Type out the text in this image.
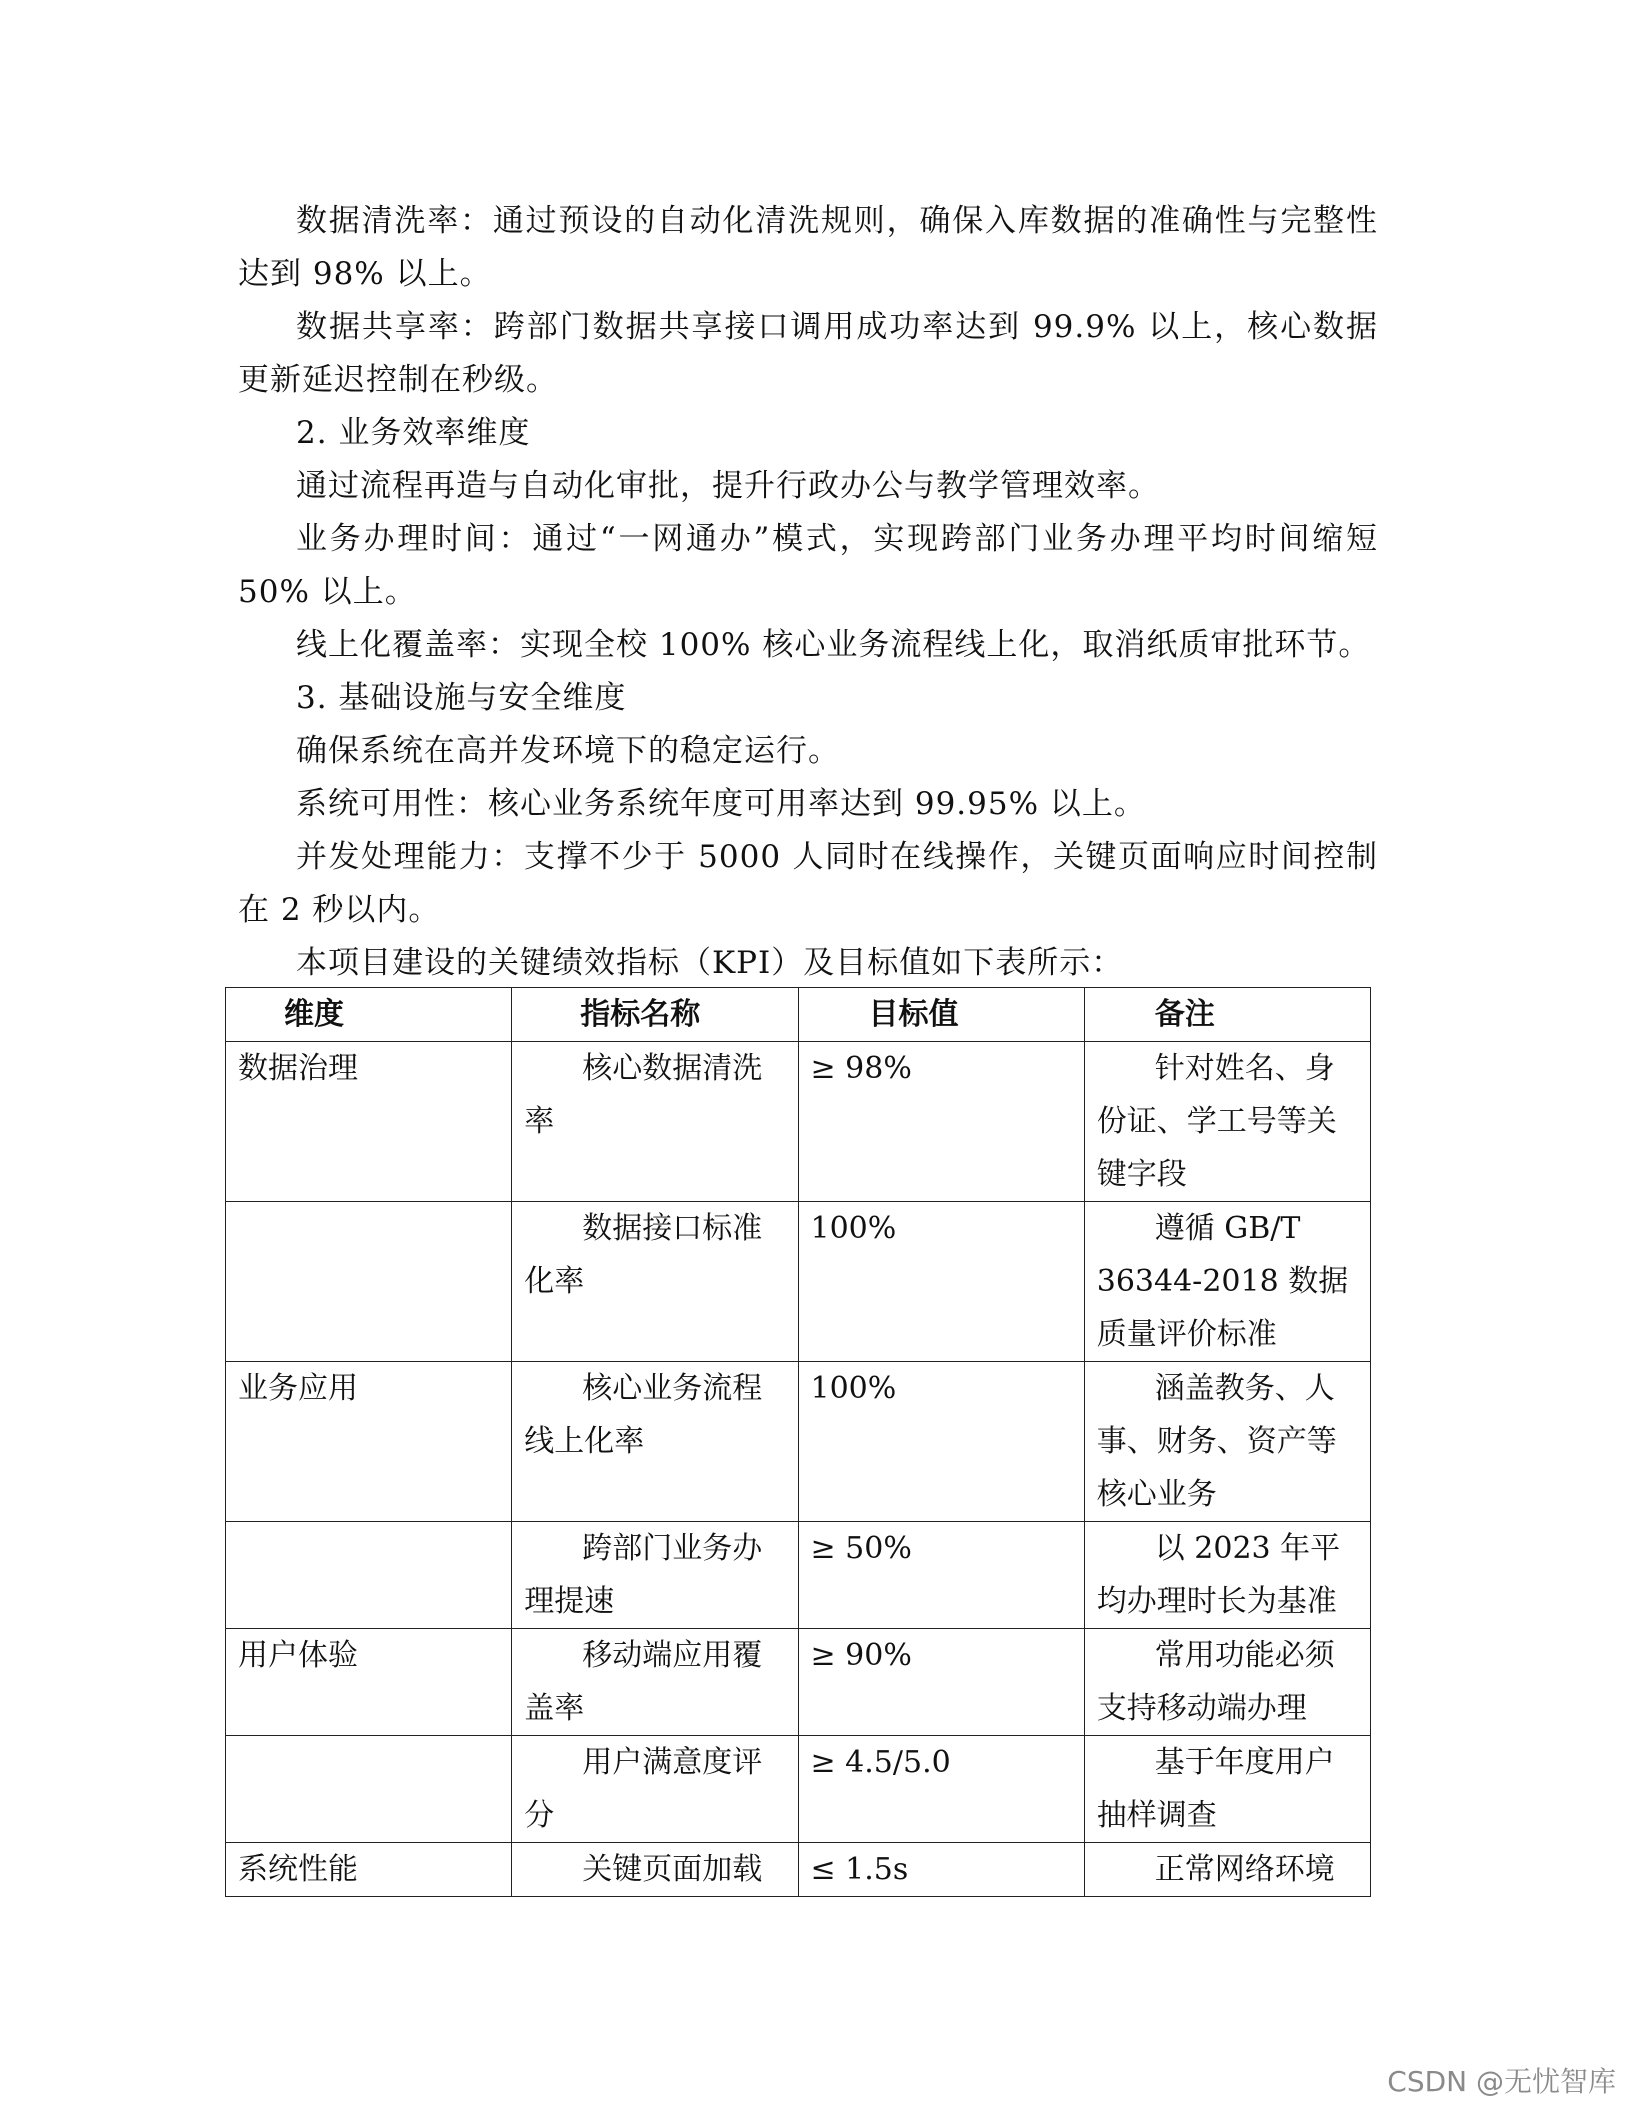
数据清洗率：通过预设的自动化清洗规则，确保入库数据的准确性与完整性达到 98% 以上。

数据共享率：跨部门数据共享接口调用成功率达到 99.9% 以上，核心数据更新延迟控制在秒级。

2. 业务效率维度

通过流程再造与自动化审批，提升行政办公与教学管理效率。

业务办理时间：通过“一网通办”模式，实现跨部门业务办理平均时间缩短 50% 以上。

线上化覆盖率：实现全校 100% 核心业务流程线上化，取消纸质审批环节。

3. 基础设施与安全维度

确保系统在高并发环境下的稳定运行。

系统可用性：核心业务系统年度可用率达到 99.95% 以上。

并发处理能力：支撑不少于 5000 人同时在线操作，关键页面响应时间控制在 2 秒以内。

本项目建设的关键绩效指标（KPI）及目标值如下表所示：

维度	指标名称	目标值	备注
数据治理	核心数据清洗率	≥ 98%	针对姓名、身份证、学工号等关键字段
	数据接口标准化率	100%	遵循 GB/T 36344-2018 数据质量评价标准
业务应用	核心业务流程线上化率	100%	涵盖教务、人事、财务、资产等核心业务
	跨部门业务办理提速	≥ 50%	以 2023 年平均办理时长为基准
用户体验	移动端应用覆盖率	≥ 90%	常用功能必须支持移动端办理
	用户满意度评分	≥ 4.5/5.0	基于年度用户抽样调查
系统性能	关键页面加载	≤ 1.5s	正常网络环境
CSDN @无忧智库
